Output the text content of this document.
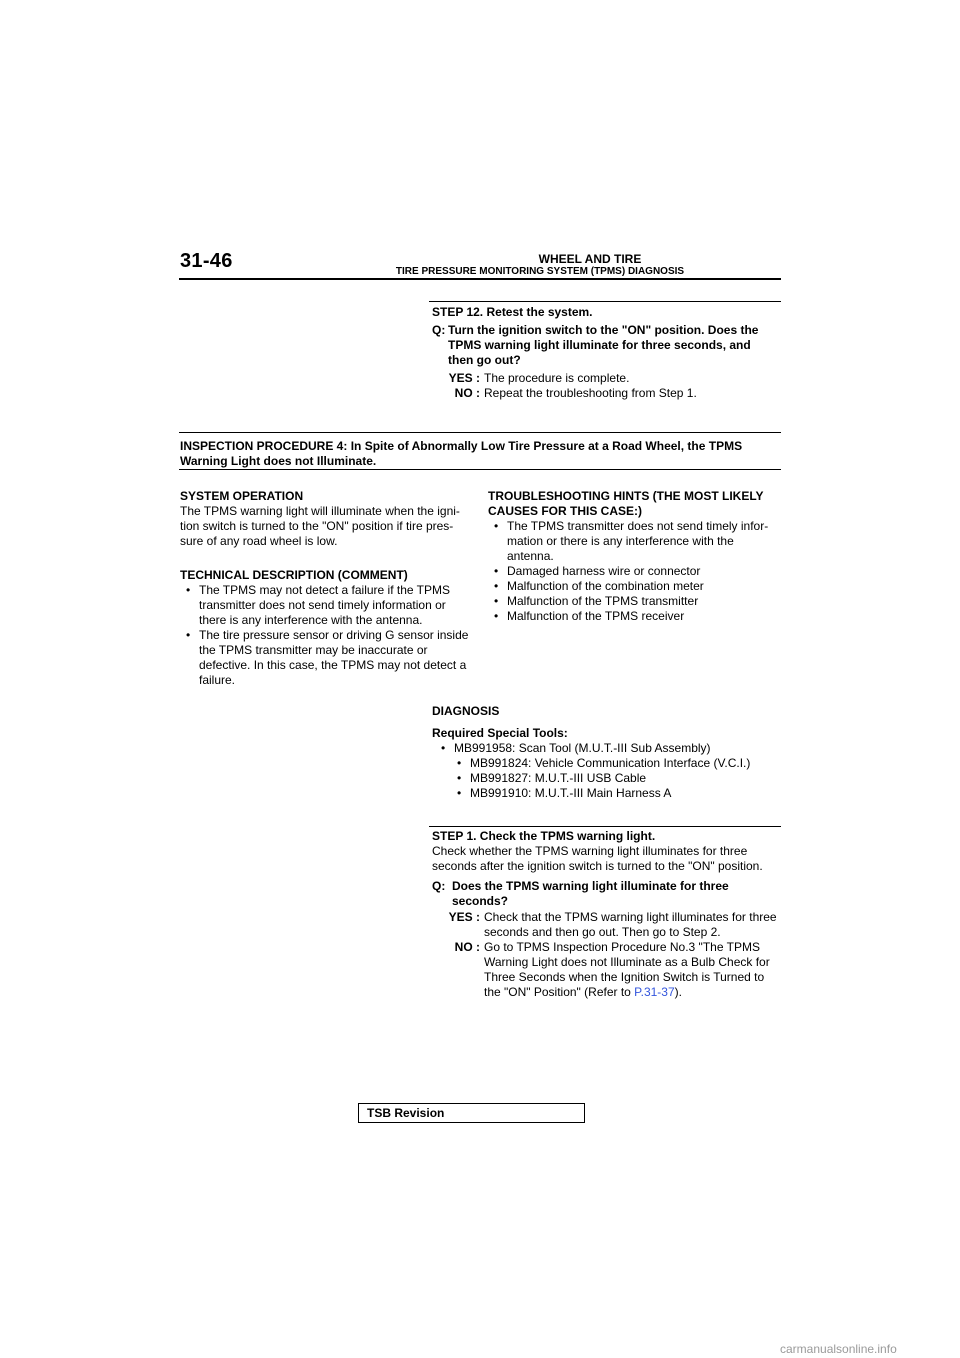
31-46	WHEEL AND TIRE
TIRE PRESSURE MONITORING SYSTEM (TPMS) DIAGNOSIS
STEP 12. Retest the system.
Q: Turn the ignition switch to the "ON" position. Does the TPMS warning light illuminate for three seconds, and then go out?
YES : The procedure is complete.
NO : Repeat the troubleshooting from Step 1.
INSPECTION PROCEDURE 4: In Spite of Abnormally Low Tire Pressure at a Road Wheel, the TPMS Warning Light does not Illuminate.
SYSTEM OPERATION
The TPMS warning light will illuminate when the igni-tion switch is turned to the "ON" position if tire pres-sure of any road wheel is low.
TECHNICAL DESCRIPTION (COMMENT)
• The TPMS may not detect a failure if the TPMS transmitter does not send timely information or there is any interference with the antenna.
• The tire pressure sensor or driving G sensor inside the TPMS transmitter may be inaccurate or defective. In this case, the TPMS may not detect a failure.
TROUBLESHOOTING HINTS (THE MOST LIKELY CAUSES FOR THIS CASE:)
• The TPMS transmitter does not send timely infor-mation or there is any interference with the antenna.
• Damaged harness wire or connector
• Malfunction of the combination meter
• Malfunction of the TPMS transmitter
• Malfunction of the TPMS receiver
DIAGNOSIS
Required Special Tools:
• MB991958: Scan Tool (M.U.T.-III Sub Assembly)
• MB991824: Vehicle Communication Interface (V.C.I.)
• MB991827: M.U.T.-III USB Cable
• MB991910: M.U.T.-III Main Harness A
STEP 1. Check the TPMS warning light.
Check whether the TPMS warning light illuminates for three seconds after the ignition switch is turned to the "ON" position.
Q: Does the TPMS warning light illuminate for three seconds?
YES : Check that the TPMS warning light illuminates for three seconds and then go out. Then go to Step 2.
NO : Go to TPMS Inspection Procedure No.3 "The TPMS Warning Light does not Illuminate as a Bulb Check for Three Seconds when the Ignition Switch is Turned to the "ON" Position" (Refer to P.31-37).
TSB Revision
carmanualsonline.info
